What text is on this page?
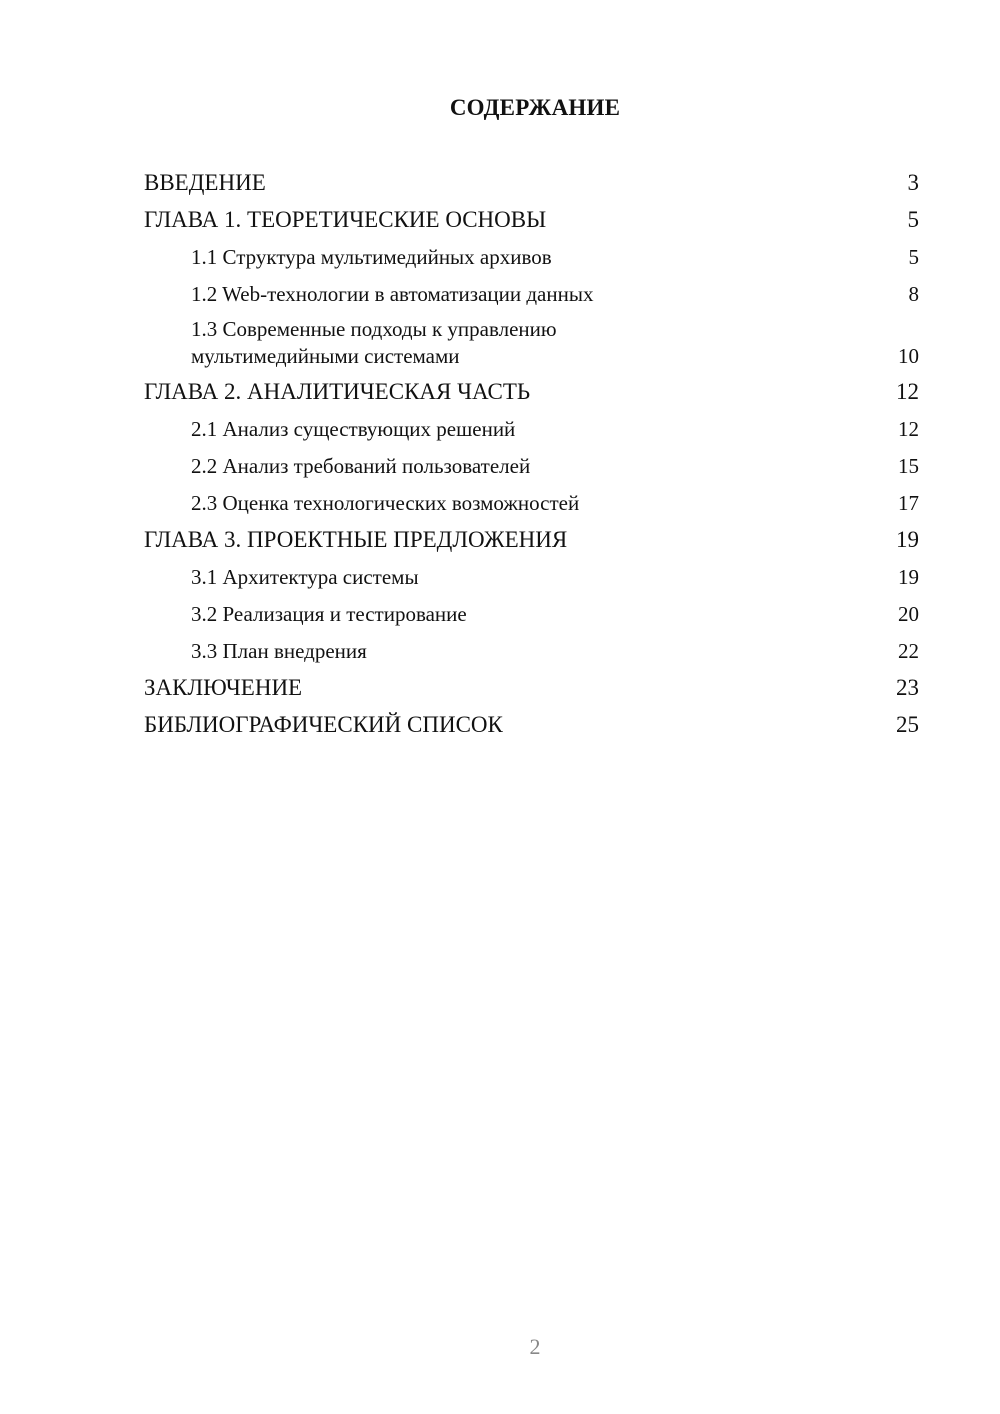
СОДЕРЖАНИЕ
ВВЕДЕНИЕ	3
ГЛАВА 1. ТЕОРЕТИЧЕСКИЕ ОСНОВЫ	5
1.1 Структура мультимедийных архивов	5
1.2 Web-технологии в автоматизации данных	8
1.3 Современные подходы к управлению
мультимедийными системами	10
ГЛАВА 2. АНАЛИТИЧЕСКАЯ ЧАСТЬ	12
2.1 Анализ существующих решений	12
2.2 Анализ требований пользователей	15
2.3 Оценка технологических возможностей	17
ГЛАВА 3. ПРОЕКТНЫЕ ПРЕДЛОЖЕНИЯ	19
3.1 Архитектура системы	19
3.2 Реализация и тестирование	20
3.3 План внедрения	22
ЗАКЛЮЧЕНИЕ	23
БИБЛИОГРАФИЧЕСКИЙ СПИСОК	25
2
